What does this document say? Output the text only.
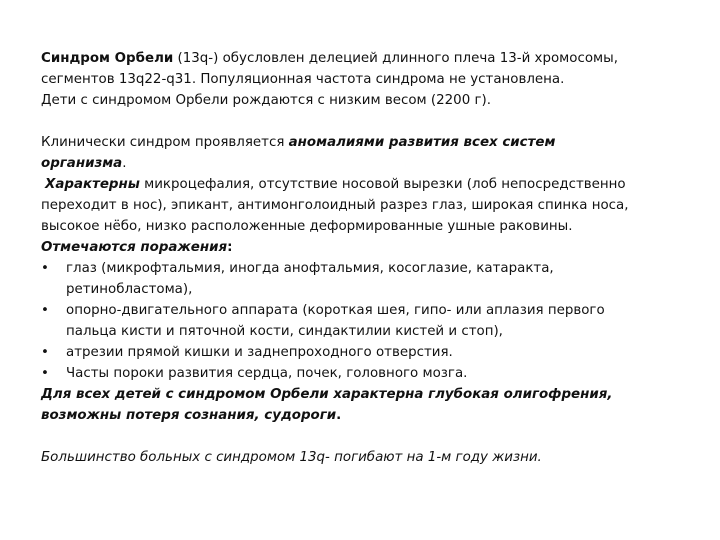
Синдром Орбели (13q-) обусловлен делецией длинного плеча 13-й хромосомы,
сегментов 13q22-q31. Популяционная частота синдрома не установлена.
Дети с синдромом Орбели рождаются с низким весом (2200 г).
Клинически синдром проявляется аномалиями развития всех систем
организма.
Характерны микроцефалия, отсутствие носовой вырезки (лоб непосредственно
переходит в нос), эпикант, антимонголоидный разрез глаз, широкая спинка носа,
высокое нёбо, низко расположенные деформированные ушные раковины.
Отмечаются поражения:
• глаз (микрофтальмия, иногда анофтальмия, косоглазие, катаракта,
ретинобластома),
• опорно-двигательного аппарата (короткая шея, гипо- или аплазия первого
пальца кисти и пяточной кости, синдактилии кистей и стоп),
• атрезии прямой кишки и заднепроходного отверстия.
• Часты пороки развития сердца, почек, головного мозга.
Для всех детей с синдромом Орбели характерна глубокая олигофрения,
возможны потеря сознания, судороги.
Большинство больных с синдромом 13q- погибают на 1-м году жизни.
